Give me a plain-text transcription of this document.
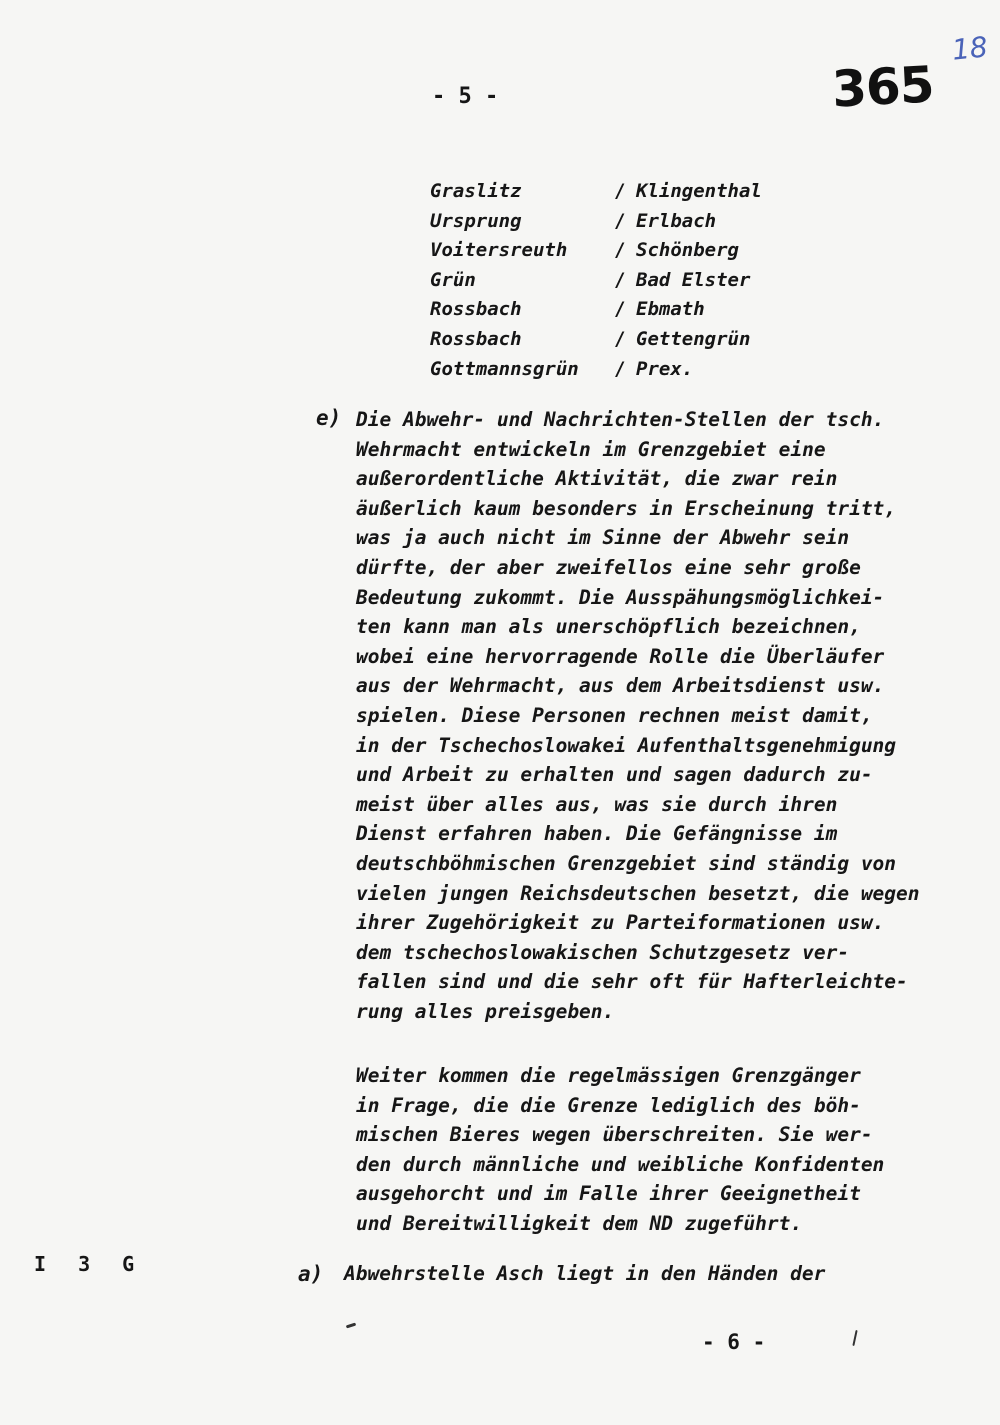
- 5 -	365
18
Graslitz	/ Klingenthal
Ursprung	/ Erlbach
Voitersreuth / Schönberg
Grün	/ Bad Elster
Rossbach	/ Ebmath
Rossbach	/ Gettengrün
Gottmannsgrün / Prex.
e) Die Abwehr- und Nachrichten-Stellen der tsch.
Wehrmacht entwickeln im Grenzgebiet eine
außerordentliche Aktivität, die zwar rein
äußerlich kaum besonders in Erscheinung tritt,
was ja auch nicht im Sinne der Abwehr sein
dürfte, der aber zweifellos eine sehr große
Bedeutung zukommt. Die Ausspähungsmöglichkei-
ten kann man als unerschöpflich bezeichnen,
wobei eine hervorragende Rolle die Überläufer
aus der Wehrmacht, aus dem Arbeitsdienst usw.
spielen. Diese Personen rechnen meist damit,
in der Tschechoslowakei Aufenthaltsgenehmigung
und Arbeit zu erhalten und sagen dadurch zu-
meist über alles aus, was sie durch ihren
Dienst erfahren haben. Die Gefängnisse im
deutschböhmischen Grenzgebiet sind ständig von
vielen jungen Reichsdeutschen besetzt, die wegen
ihrer Zugehörigkeit zu Parteiformationen usw.
dem tschechoslowakischen Schutzgesetz ver-
fallen sind und die sehr oft für Hafterleichte-
rung alles preisgeben.
Weiter kommen die regelmässigen Grenzgänger
in Frage, die die Grenze lediglich des böh-
mischen Bieres wegen überschreiten. Sie wer-
den durch männliche und weibliche Konfidenten
ausgehorcht und im Falle ihrer Geeignetheit
und Bereitwilligkeit dem ND zugeführt.
I 3 G	a) Abwehrstelle Asch liegt in den Händen der
- 6 -
